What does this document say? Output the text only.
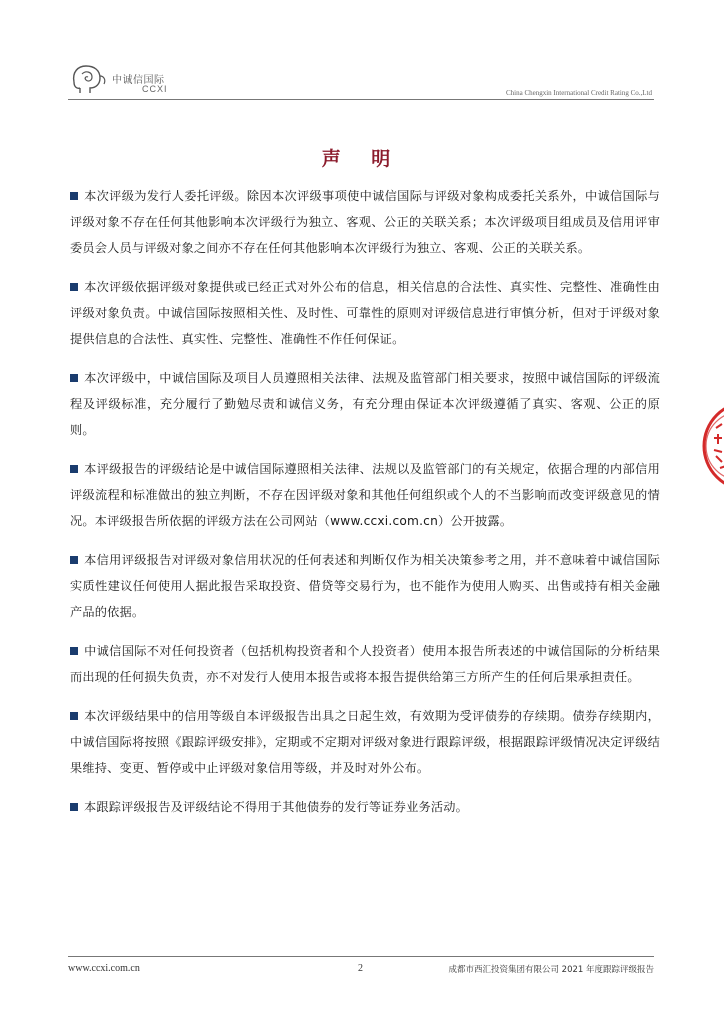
中诚信国际
CCXI	China Chengxin International Credit Rating Co.,Ltd
声 明

本次评级为发行人委托评级。除因本次评级事项使中诚信国际与评级对象构成委托关系外，中诚信国际与评级对象不存在任何其他影响本次评级行为独立、客观、公正的关联关系；本次评级项目组成员及信用评审委员会人员与评级对象之间亦不存在任何其他影响本次评级行为独立、客观、公正的关联关系。

本次评级依据评级对象提供或已经正式对外公布的信息，相关信息的合法性、真实性、完整性、准确性由评级对象负责。中诚信国际按照相关性、及时性、可靠性的原则对评级信息进行审慎分析，但对于评级对象提供信息的合法性、真实性、完整性、准确性不作任何保证。

本次评级中，中诚信国际及项目人员遵照相关法律、法规及监管部门相关要求，按照中诚信国际的评级流程及评级标准，充分履行了勤勉尽责和诚信义务，有充分理由保证本次评级遵循了真实、客观、公正的原则。

本评级报告的评级结论是中诚信国际遵照相关法律、法规以及监管部门的有关规定，依据合理的内部信用评级流程和标准做出的独立判断，不存在因评级对象和其他任何组织或个人的不当影响而改变评级意见的情况。本评级报告所依据的评级方法在公司网站（www.ccxi.com.cn）公开披露。

本信用评级报告对评级对象信用状况的任何表述和判断仅作为相关决策参考之用，并不意味着中诚信国际实质性建议任何使用人据此报告采取投资、借贷等交易行为，也不能作为使用人购买、出售或持有相关金融产品的依据。

中诚信国际不对任何投资者（包括机构投资者和个人投资者）使用本报告所表述的中诚信国际的分析结果而出现的任何损失负责，亦不对发行人使用本报告或将本报告提供给第三方所产生的任何后果承担责任。

本次评级结果中的信用等级自本评级报告出具之日起生效，有效期为受评债券的存续期。债券存续期内，中诚信国际将按照《跟踪评级安排》，定期或不定期对评级对象进行跟踪评级，根据跟踪评级情况决定评级结果维持、变更、暂停或中止评级对象信用等级，并及时对外公布。

本跟踪评级报告及评级结论不得用于其他债券的发行等证券业务活动。

www.ccxi.com.cn	2	成都市西汇投资集团有限公司 2021 年度跟踪评级报告
